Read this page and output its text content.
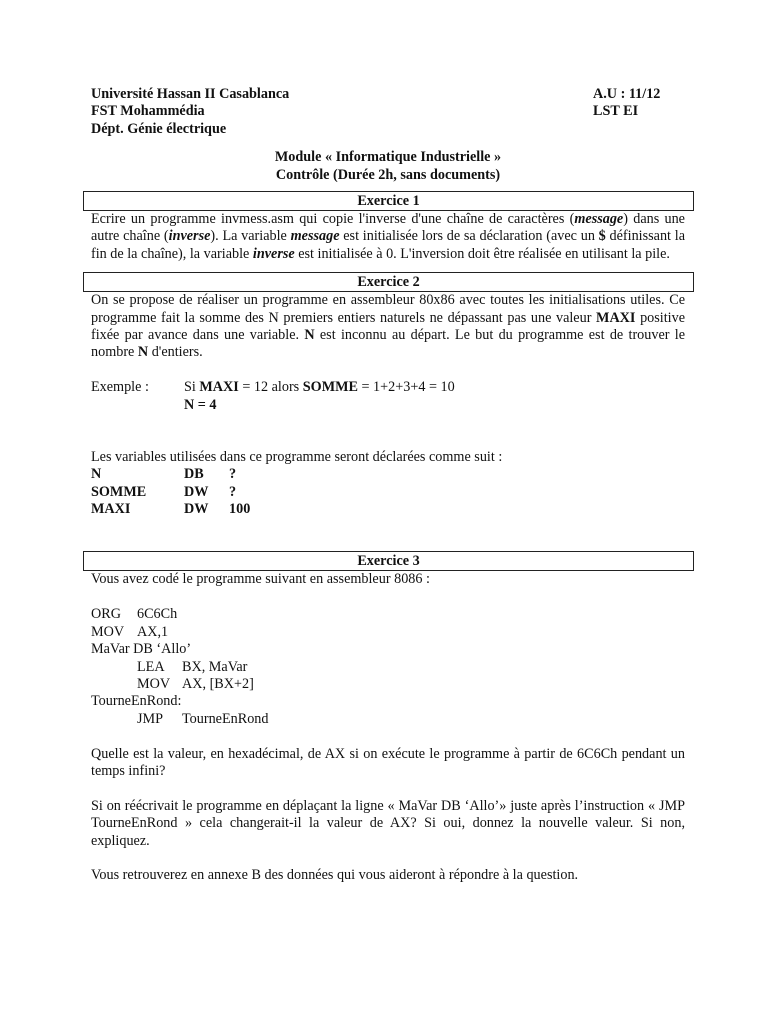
Université Hassan II Casablanca	A.U : 11/12
FST Mohammédia	LST EI
Dépt. Génie électrique
Module « Informatique Industrielle »
Contrôle (Durée 2h, sans documents)
Exercice 1
Ecrire un programme invmess.asm qui copie l'inverse d'une chaîne de caractères (message) dans une autre chaîne (inverse). La variable message est initialisée lors de sa déclaration (avec un $ définissant la fin de la chaîne), la variable inverse est initialisée à 0. L'inversion doit être réalisée en utilisant la pile.
Exercice 2
On se propose de réaliser un programme en assembleur 80x86 avec toutes les initialisations utiles. Ce programme fait la somme des N premiers entiers naturels ne dépassant pas une valeur MAXI positive fixée par avance dans une variable. N est inconnu au départ. Le but du programme est de trouver le nombre N d'entiers.
Exemple :	Si MAXI = 12 alors SOMME = 1+2+3+4 = 10
N = 4
Les variables utilisées dans ce programme seront déclarées comme suit :
N	DB	?
SOMME	DW	?
MAXI	DW	100
Exercice 3
Vous avez codé le programme suivant en assembleur 8086 :
ORG 6C6Ch
MOV AX,1
MaVar DB ‘Allo’
LEA BX, MaVar
MOV AX, [BX+2]
TourneEnRond:
JMP TourneEnRond
Quelle est la valeur, en hexadécimal, de AX si on exécute le programme à partir de 6C6Ch pendant un temps infini?
Si on réécrivait le programme en déplaçant la ligne « MaVar DB ‘Allo’» juste après l’instruction « JMP TourneEnRond » cela changerait-il la valeur de AX? Si oui, donnez la nouvelle valeur. Si non, expliquez.
Vous retrouverez en annexe B des données qui vous aideront à répondre à la question.
